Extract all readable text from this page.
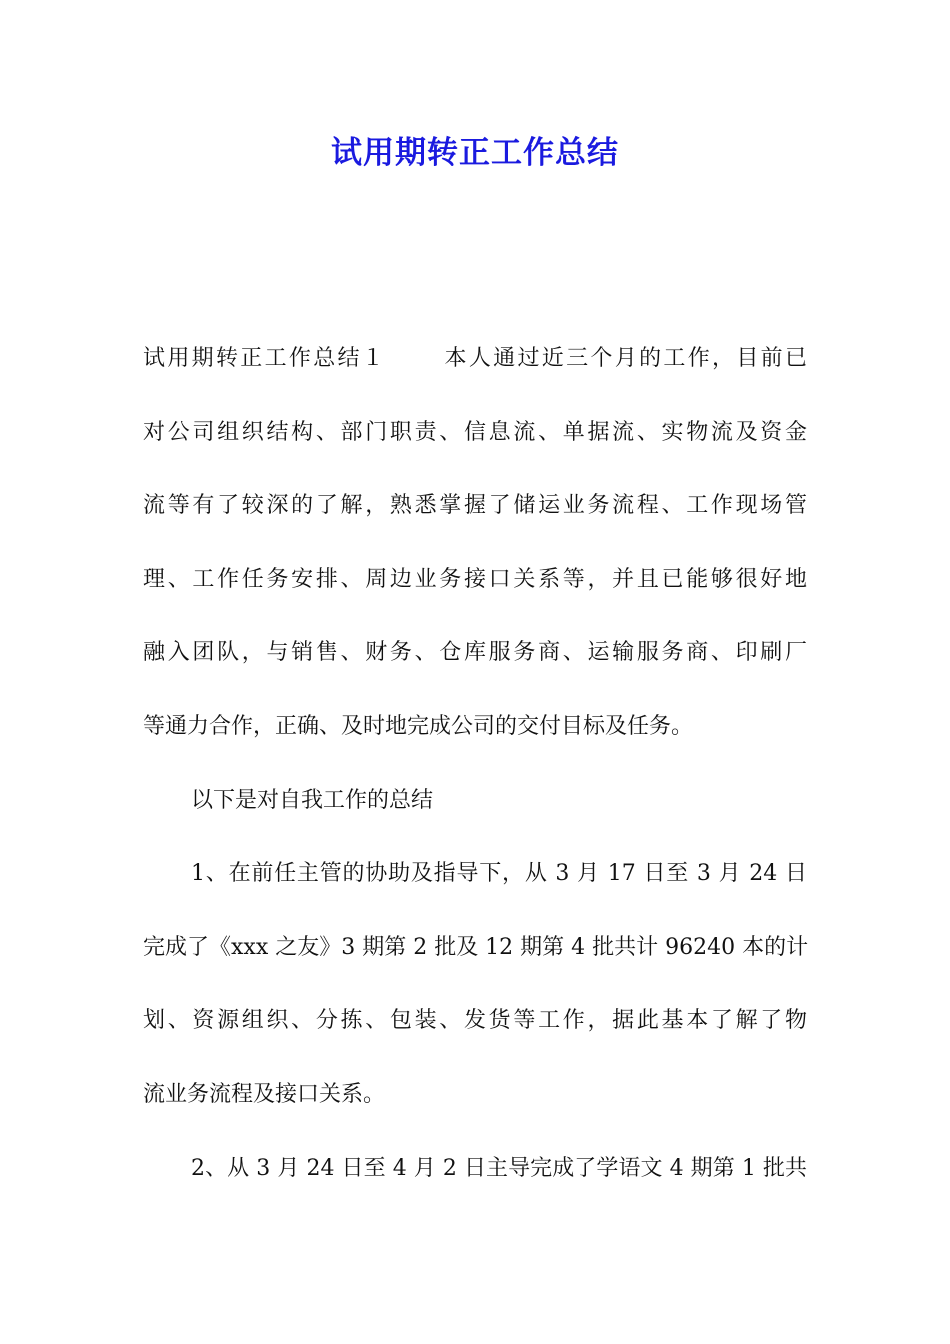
试用期转正工作总结
试用期转正工作总结１	本人通过近三个月的工作，目前已
对公司组织结构、部门职责、信息流、单据流、实物流及资金
流等有了较深的了解，熟悉掌握了储运业务流程、工作现场管
理、工作任务安排、周边业务接口关系等，并且已能够很好地
融入团队，与销售、财务、仓库服务商、运输服务商、印刷厂
等通力合作，正确、及时地完成公司的交付目标及任务。
以下是对自我工作的总结
1、在前任主管的协助及指导下，从 3 月 17 日至 3 月 24 日
完成了《xxx 之友》3 期第 2 批及 12 期第 4 批共计 96240 本的计
划、资源组织、分拣、包装、发货等工作，据此基本了解了物
流业务流程及接口关系。
2、从 3 月 24 日至 4 月 2 日主导完成了学语文 4 期第 1 批共
